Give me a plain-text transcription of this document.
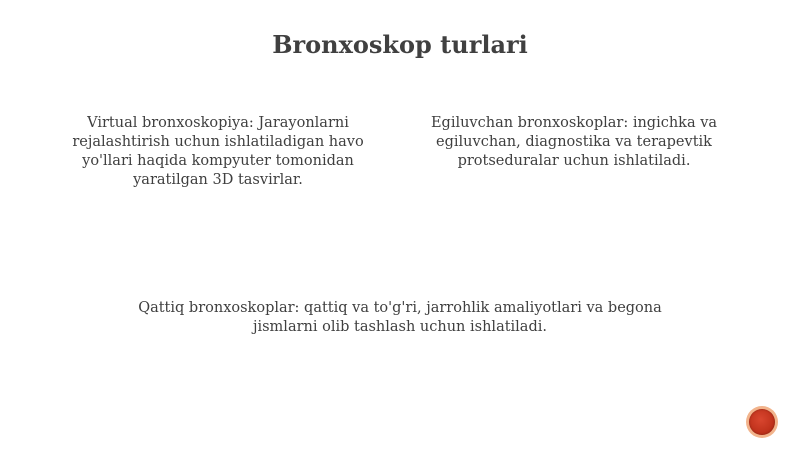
Bronxoskop turlari

Virtual bronxoskopiya: Jarayonlarni rejalashtirish uchun ishlatiladigan havo yo'llari haqida kompyuter tomonidan yaratilgan 3D tasvirlar.

Egiluvchan bronxoskoplar: ingichka va egiluvchan, diagnostika va terapevtik protseduralar uchun ishlatiladi.

Qattiq bronxoskoplar: qattiq va to'g'ri, jarrohlik amaliyotlari va begona jismlarni olib tashlash uchun ishlatiladi.
